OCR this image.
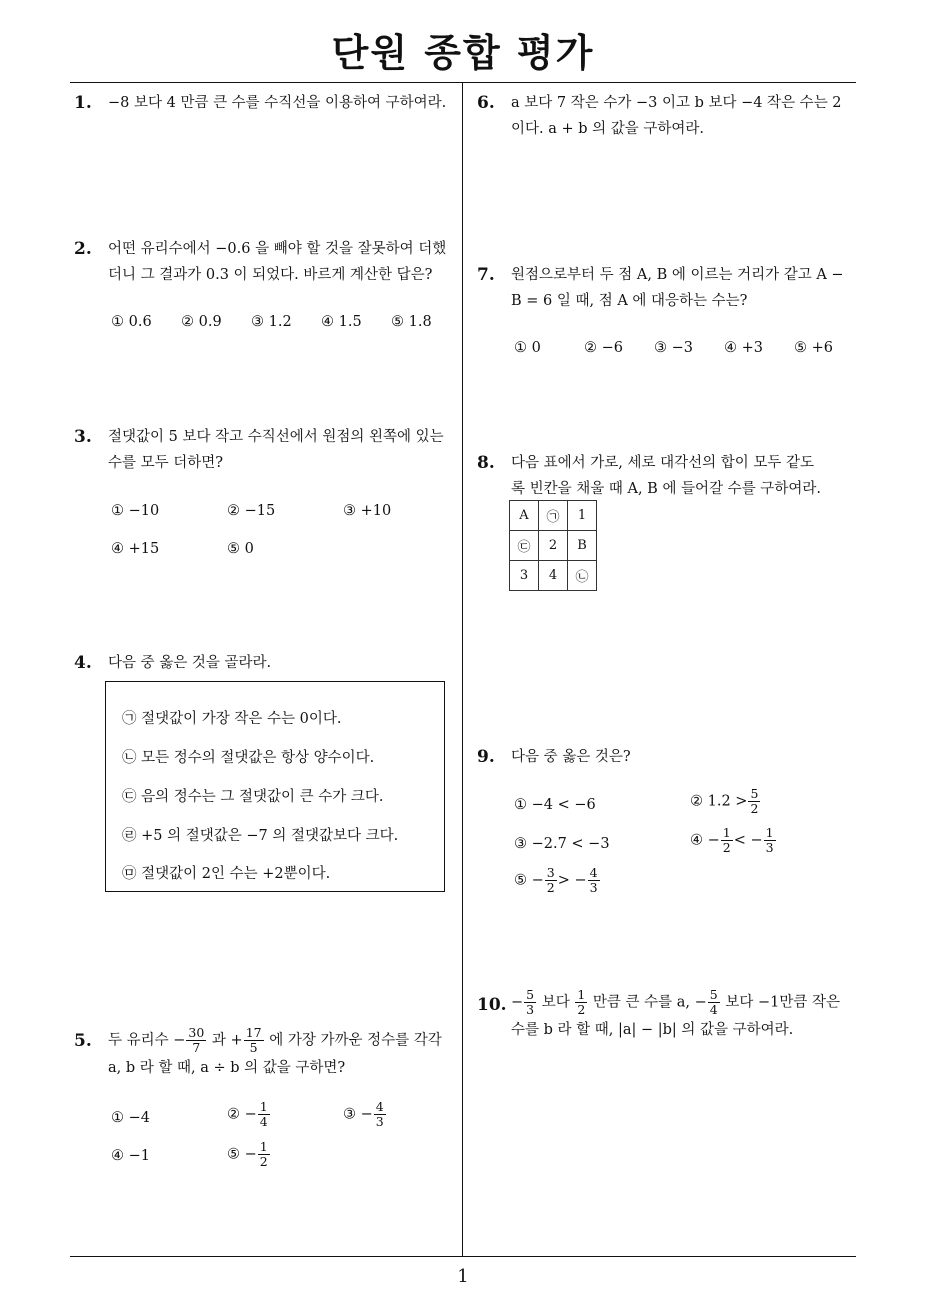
단원 종합 평가
1
1. −8 보다 4 만큼 큰 수를 수직선을 이용하여 구하여라.
2. 어떤 유리수에서 −0.6 을 빼야 할 것을 잘못하여 더했
더니 그 결과가 0.3 이 되었다. 바르게 계산한 답은?
① 0.6 ② 0.9 ③ 1.2 ④ 1.5 ⑤ 1.8
3. 절댓값이 5 보다 작고 수직선에서 원점의 왼쪽에 있는
수를 모두 더하면?
① −10	② −15	③ +10
④ +15	⑤ 0
4. 다음 중 옳은 것을 골라라.
㉠ 절댓값이 가장 작은 수는 0이다.
㉡ 모든 정수의 절댓값은 항상 양수이다.
㉢ 음의 정수는 그 절댓값이 큰 수가 크다.
㉣ +5 의 절댓값은 −7 의 절댓값보다 크다.
㉤ 절댓값이 2인 수는 +2뿐이다.
5. 두 유리수 − $\frac{30}{7}$ 과 + $\frac{17}{5}$ 에 가장 가까운 정수를 각각
a, b 라 할 때, a ÷ b 의 값을 구하면?
① −4	② − $\frac{1}{4}$	③ − $\frac{4}{3}$
④ −1	⑤ − $\frac{1}{2}$
6. a 보다 7 작은 수가 −3 이고 b 보다 −4 작은 수는 2
이다. a + b 의 값을 구하여라.
7. 원점으로부터 두 점 A, B 에 이르는 거리가 같고 A −
B = 6 일 때, 점 A 에 대응하는 수는?
① 0	② −6 ③ −3 ④ +3 ⑤ +6
8. 다음 표에서 가로, 세로 대각선의 합이 모두 같도
록 빈칸을 채울 때 A, B 에 들어갈 수를 구하여라.
A	㉠	1
㉢	2	B
3	4	㉡
9. 다음 중 옳은 것은?
① −4 < −6	② $1.2 > \frac{5}{2}$
③ −2.7 < −3	④ − $\frac{1}{2}$ < − $\frac{1}{3}$
⑤ − $\frac{3}{2}$ > − $\frac{4}{3}$
10. − $\frac{5}{3}$ 보다 $\frac{1}{2}$ 만큼 큰 수를 a, − $\frac{5}{4}$ 보다 −1만큼 작은
수를 b 라 할 때, |a| − |b| 의 값을 구하여라.
